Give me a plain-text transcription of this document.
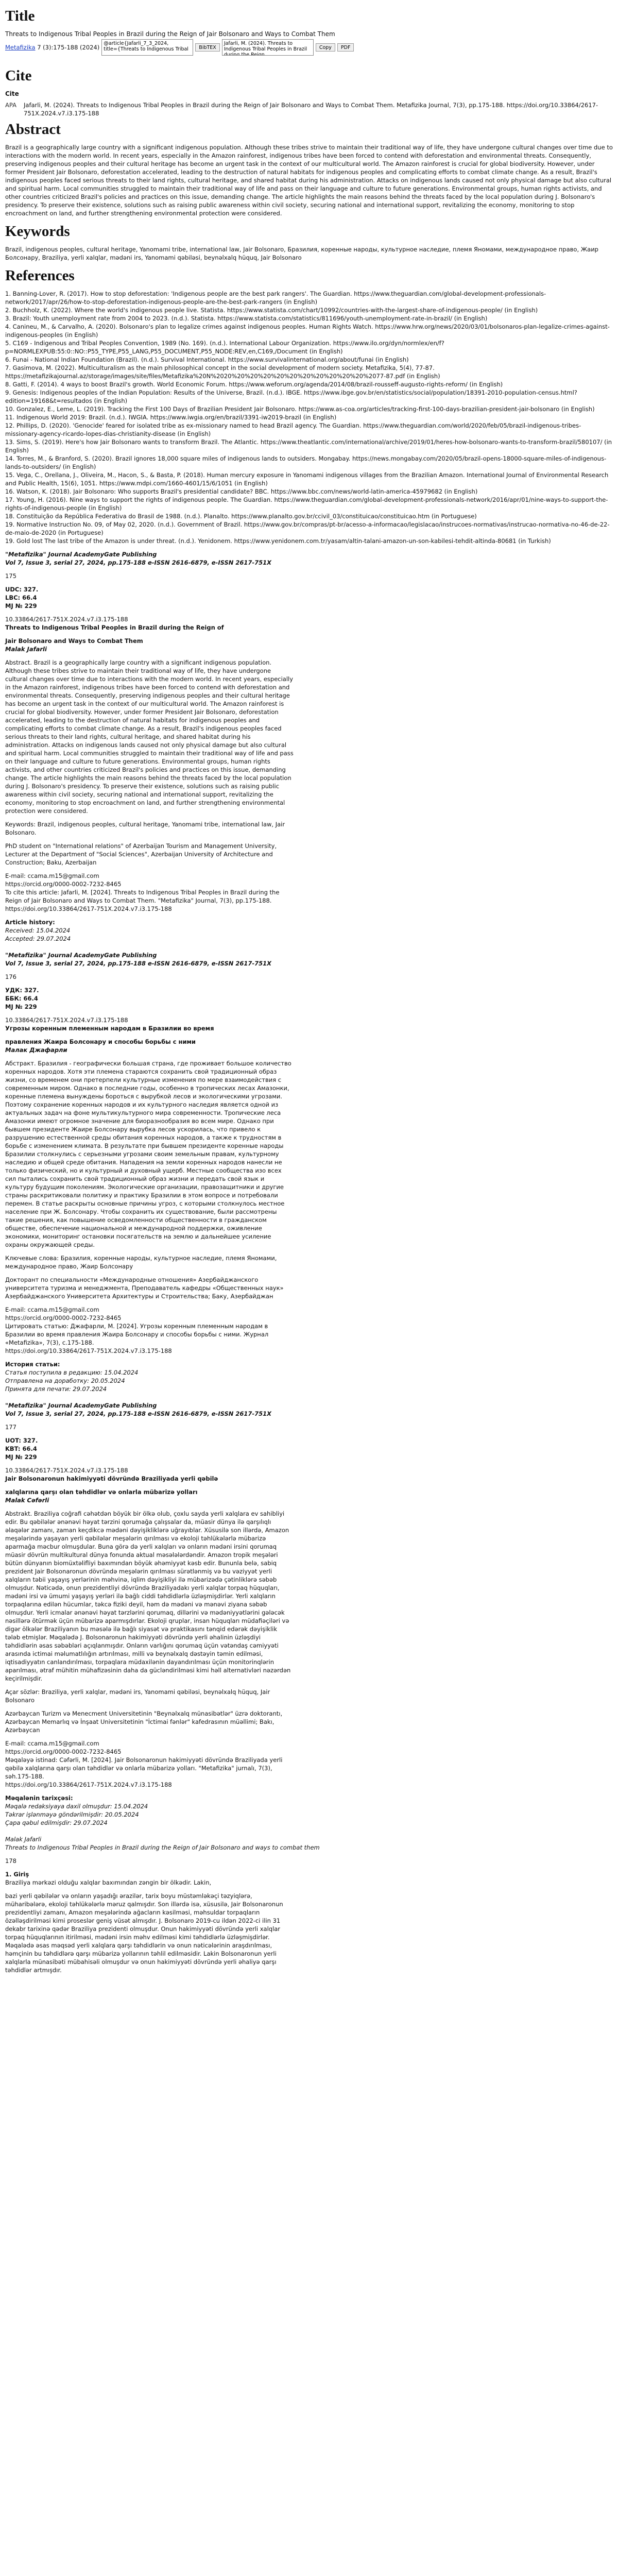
Title
Threats to Indigenous Tribal Peoples in Brazil during the Reign of Jair Bolsonaro and Ways to Combat Them
Metafizika 7 (3):175-188 (2024)
@article{Jafarli_7_3_2024, title={Threats to Indigenous Tribal	BibTEX
Jafarli, M. (2024). Threats to Indigenous Tribal Peoples in Brazil during the Reign...	Copy	PDF
Cite
Cite
APA	Jafarli, M. (2024). Threats to Indigenous Tribal Peoples in Brazil during the Reign of Jair Bolsonaro and Ways to Combat Them. Metafizika Journal, 7(3), pp.175-188. https://doi.org/10.33864/2617-751X.2024.v7.i3.175-188
Abstract

Brazil is a geographically large country with a significant indigenous population. Although these tribes strive to maintain their traditional way of life, they have undergone cultural changes over time due to interactions with the modern world. In recent years, especially in the Amazon rainforest, indigenous tribes have been forced to contend with deforestation and environmental threats. Consequently, preserving indigenous peoples and their cultural heritage has become an urgent task in the context of our multicultural world. The Amazon rainforest is crucial for global biodiversity. However, under former President Jair Bolsonaro, deforestation accelerated, leading to the destruction of natural habitats for indigenous peoples and complicating efforts to combat climate change. As a result, Brazil's indigenous peoples faced serious threats to their land rights, cultural heritage, and shared habitat during his administration. Attacks on indigenous lands caused not only physical damage but also cultural and spiritual harm. Local communities struggled to maintain their traditional way of life and pass on their language and culture to future generations. Environmental groups, human rights activists, and other countries criticized Brazil's policies and practices on this issue, demanding change. The article highlights the main reasons behind the threats faced by the local population during J. Bolsonaro's presidency. To preserve their existence, solutions such as raising public awareness within civil society, securing national and international support, revitalizing the economy, monitoring to stop encroachment on land, and further strengthening environmental protection were considered.

Keywords

Brazil, indigenous peoples, cultural heritage, Yanomami tribe, international law, Jair Bolsonaro, Бразилия, коренные народы, культурное наследие, племя Яномами, международное право, Жаир Болсонару, Braziliya, yerli xalqlar, mədəni irs, Yanomami qəbiləsi, beynəlxalq hüquq, Jair Bolsonaro

References
1. Banning-Lover, R. (2017). How to stop deforestation: 'Indigenous people are the best park rangers'. The Guardian. https://www.theguardian.com/global-development-professionals-network/2017/apr/26/how-to-stop-deforestation-indigenous-people-are-the-best-park-rangers (in English)
2. Buchholz, K. (2022). Where the world's indigenous people live. Statista. https://www.statista.com/chart/10992/countries-with-the-largest-share-of-indigenous-people/ (in English)
3. Brazil: Youth unemployment rate from 2004 to 2023. (n.d.). Statista. https://www.statista.com/statistics/811696/youth-unemployment-rate-in-brazil/ (in English)
4. Canineu, M., & Carvalho, A. (2020). Bolsonaro's plan to legalize crimes against indigenous peoples. Human Rights Watch. https://www.hrw.org/news/2020/03/01/bolsonaros-plan-legalize-crimes-against-indigenous-peoples (in English)
5. C169 - Indigenous and Tribal Peoples Convention, 1989 (No. 169). (n.d.). International Labour Organization. https://www.ilo.org/dyn/normlex/en/f?p=NORMLEXPUB:55:0::NO::P55_TYPE,P55_LANG,P55_DOCUMENT,P55_NODE:REV,en,C169,/Document (in English)
6. Funai - National Indian Foundation (Brazil). (n.d.). Survival International. https://www.survivalinternational.org/about/funai (in English)
7. Gasimova, M. (2022). Multiculturalism as the main philosophical concept in the social development of modern society. Metafizika, 5(4), 77-87. https://metafizikajournal.az/storage/images/site/files/Metafizika%20N%2020%20%20%20%20%20%20%20%20%20%20%2077-87.pdf (in English)
8. Gatti, F. (2014). 4 ways to boost Brazil's growth. World Economic Forum. https://www.weforum.org/agenda/2014/08/brazil-rousseff-augusto-rights-reform/ (in English)
9. Genesis: Indigenous peoples of the Indian Population: Results of the Universe, Brazil. (n.d.). IBGE. https://www.ibge.gov.br/en/statistics/social/population/18391-2010-population-census.html?edition=19168&t=resultados (in English)
10. Gonzalez, E., Leme, L. (2019). Tracking the First 100 Days of Brazilian President Jair Bolsonaro. https://www.as-coa.org/articles/tracking-first-100-days-brazilian-president-jair-bolsonaro (in English)
11. Indigenous World 2019: Brazil. (n.d.). IWGIA. https://www.iwgia.org/en/brazil/3391-iw2019-brazil (in English)
12. Phillips, D. (2020). 'Genocide' feared for isolated tribe as ex-missionary named to head Brazil agency. The Guardian. https://www.theguardian.com/world/2020/feb/05/brazil-indigenous-tribes-missionary-agency-ricardo-lopes-dias-christianity-disease (in English)
13. Sims, S. (2019). Here's how Jair Bolsonaro wants to transform Brazil. The Atlantic. https://www.theatlantic.com/international/archive/2019/01/heres-how-bolsonaro-wants-to-transform-brazil/580107/ (in English)
14. Torres, M., & Branford, S. (2020). Brazil ignores 18,000 square miles of indigenous lands to outsiders. Mongabay. https://news.mongabay.com/2020/05/brazil-opens-18000-square-miles-of-indigenous-lands-to-outsiders/ (in English)
15. Vega, C., Orellana, J., Oliveira, M., Hacon, S., & Basta, P. (2018). Human mercury exposure in Yanomami indigenous villages from the Brazilian Amazon. International Journal of Environmental Research and Public Health, 15(6), 1051. https://www.mdpi.com/1660-4601/15/6/1051 (in English)
16. Watson, K. (2018). Jair Bolsonaro: Who supports Brazil's presidential candidate? BBC. https://www.bbc.com/news/world-latin-america-45979682 (in English)
17. Young, H. (2016). Nine ways to support the rights of indigenous people. The Guardian. https://www.theguardian.com/global-development-professionals-network/2016/apr/01/nine-ways-to-support-the-rights-of-indigenous-people (in English)
18. Constituição da República Federativa do Brasil de 1988. (n.d.). Planalto. https://www.planalto.gov.br/ccivil_03/constituicao/constituicao.htm (in Portuguese)
19. Normative Instruction No. 09, of May 02, 2020. (n.d.). Government of Brazil. https://www.gov.br/compras/pt-br/acesso-a-informacao/legislacao/instrucoes-normativas/instrucao-normativa-no-46-de-22-de-maio-de-2020 (in Portuguese)
19. Gold lost The last tribe of the Amazon is under threat. (n.d.). Yenidonem. https://www.yenidonem.com.tr/yasam/altin-talani-amazon-un-son-kabilesi-tehdit-altinda-80681 (in Turkish)
"Metafizika" Journal AcademyGate Publishing
Vol 7, Issue 3, serial 27, 2024, pp.175-188 e-ISSN 2616-6879, e-ISSN 2617-751X

175

UDC: 327.
LBC: 66.4
MJ № 229
10.33864/2617-751X.2024.v7.i3.175-188
Threats to Indigenous Tribal Peoples in Brazil during the Reign of
Jair Bolsonaro and Ways to Combat Them
Malak Jafarli

Abstract. Brazil is a geographically large country with a significant indigenous population. Although these tribes strive to maintain their traditional way of life, they have undergone cultural changes over time due to interactions with the modern world. In recent years, especially in the Amazon rainforest, indigenous tribes have been forced to contend with deforestation and environmental threats. Consequently, preserving indigenous peoples and their cultural heritage has become an urgent task in the context of our multicultural world. The Amazon rainforest is crucial for global biodiversity. However, under former President Jair Bolsonaro, deforestation accelerated, leading to the destruction of natural habitats for indigenous peoples and complicating efforts to combat climate change. As a result, Brazil's indigenous peoples faced serious threats to their land rights, cultural heritage, and shared habitat during his administration. Attacks on indigenous lands caused not only physical damage but also cultural and spiritual harm. Local communities struggled to maintain their traditional way of life and pass on their language and culture to future generations. Environmental groups, human rights activists, and other countries criticized Brazil's policies and practices on this issue, demanding change. The article highlights the main reasons behind the threats faced by the local population during J. Bolsonaro's presidency. To preserve their existence, solutions such as raising public awareness within civil society, securing national and international support, revitalizing the economy, monitoring to stop encroachment on land, and further strengthening environmental protection were considered.

Keywords: Brazil, indigenous peoples, cultural heritage, Yanomami tribe, international law, Jair Bolsonaro.

PhD student on "International relations" of Azerbaijan Tourism and Management University, Lecturer at the Department of "Social Sciences", Azerbaijan University of Architecture and Construction; Baku, Azerbaijan

E-mail: ccama.m15@gmail.com
https://orcid.org/0000-0002-7232-8465
To cite this article: Jafarli, M. [2024]. Threats to Indigenous Tribal Peoples in Brazil during the Reign of Jair Bolsonaro and Ways to Combat Them. "Metafizika" Journal, 7(3), pp.175-188.
https://doi.org/10.33864/2617-751X.2024.v7.i3.175-188
Article history:
Received: 15.04.2024
Accepted: 29.07.2024
"Metafizika" Journal AcademyGate Publishing
Vol 7, Issue 3, serial 27, 2024, pp.175-188 e-ISSN 2616-6879, e-ISSN 2617-751X

176

УДК: 327.
ББК: 66.4
MJ № 229
10.33864/2617-751X.2024.v7.i3.175-188
Угрозы коренным племенным народам в Бразилии во время
правления Жаира Болсонару и способы борьбы с ними
Малак Джафарли

Абстракт. Бразилия - географически большая страна, где проживает большое количество коренных народов. Хотя эти племена стараются сохранить свой традиционный образ жизни, со временем они претерпели культурные изменения по мере взаимодействия с современным миром. Однако в последние годы, особенно в тропических лесах Амазонки, коренные племена вынуждены бороться с вырубкой лесов и экологическими угрозами. Поэтому сохранение коренных народов и их культурного наследия является одной из актуальных задач на фоне мультикультурного мира современности. Тропические леса Амазонки имеют огромное значение для биоразнообразия во всем мире. Однако при бывшем президенте Жаире Болсонару вырубка лесов ускорилась, что привело к разрушению естественной среды обитания коренных народов, а также к трудностям в борьбе с изменением климата. В результате при бывшем президенте коренные народы Бразилии столкнулись с серьезными угрозами своим земельным правам, культурному наследию и общей среде обитания. Нападения на земли коренных народов нанесли не только физический, но и культурный и духовный ущерб. Местные сообщества изо всех сил пытались сохранить свой традиционный образ жизни и передать свой язык и культуру будущим поколениям. Экологические организации, правозащитники и другие страны раскритиковали политику и практику Бразилии в этом вопросе и потребовали перемен. В статье раскрыты основные причины угроз, с которыми столкнулось местное население при Ж. Болсонару. Чтобы сохранить их существование, были рассмотрены такие решения, как повышение осведомленности общественности в гражданском обществе, обеспечение национальной и международной поддержки, оживление экономики, мониторинг остановки посягательств на землю и дальнейшее усиление охраны окружающей среды.

Ключевые слова: Бразилия, коренные народы, культурное наследие, племя Яномами, международное право, Жаир Болсонару

Докторант по специальности «Международные отношения» Азербайджанского университета туризма и менеджмента, Преподаватель кафедры «Общественных наук» Азербайджанского Университета Архитектуры и Строительства; Баку, Азербайджан

E-mail: ccama.m15@gmail.com
https://orcid.org/0000-0002-7232-8465
Цитировать статью: Джафарли, М. [2024]. Угрозы коренным племенным народам в Бразилии во время правления Жаира Болсонару и способы борьбы с ними. Журнал «Metafizika», 7(3), с.175-188.
https://doi.org/10.33864/2617-751X.2024.v7.i3.175-188
История статьи:
Статья поступила в редакцию: 15.04.2024
Отправлена на доработку: 20.05.2024
Принята для печати: 29.07.2024
"Metafizika" Journal AcademyGate Publishing
Vol 7, Issue 3, serial 27, 2024, pp.175-188 e-ISSN 2616-6879, e-ISSN 2617-751X

177

UOT: 327.
KBT: 66.4
MJ № 229
10.33864/2617-751X.2024.v7.i3.175-188
Jair Bolsonaronun hakimiyyəti dövründə Braziliyada yerli qəbilə
xalqlarına qarşı olan təhdidlər və onlarla mübarizə yolları
Malak Cəfərli

Abstrakt. Braziliya coğrafi cəhətdən böyük bir ölkə olub, çoxlu sayda yerli xalqlara ev sahibliyi edir. Bu qəbilələr ənənəvi həyat tərzini qorumağa çalışsalar da, müasir dünya ilə qarşılıqlı əlaqələr zamanı, zaman keçdikcə mədəni dəyişikliklərə uğrayıblar. Xüsusilə son illərdə, Amazon meşələrində yaşayan yerli qəbilələr meşələrin qırılması və ekoloji təhlükələrlə mübarizə aparmağa məcbur olmuşdular. Buna görə də yerli xalqları və onların mədəni irsini qorumaq müasir dövrün multikultural dünya fonunda aktual məsələlərdəndir. Amazon tropik meşələri bütün dünyanın biomüxtəlifliyi baxımından böyük əhəmiyyət kəsb edir. Bununla belə, sabiq prezident Jair Bolsonaronun dövründə meşələrin qırılması sürətlənmiş və bu vəziyyət yerli xalqların təbii yaşayış yerlərinin məhvinə, iqlim dəyişikliyi ilə mübarizədə çətinliklərə səbəb olmuşdur. Nəticədə, onun prezidentliyi dövründə Braziliyadakı yerli xalqlar torpaq hüquqları, mədəni irsi və ümumi yaşayış yerləri ilə bağlı ciddi təhdidlərlə üzləşmişdirlər. Yerli xalqların torpaqlarına edilən hücumlar, təkcə fiziki deyil, həm də mədəni və mənəvi ziyana səbəb olmuşdur. Yerli icmalar ənənəvi həyat tərzlərini qorumaq, dillərini və mədəniyyətlərini gələcək nəsillərə ötürmək üçün mübarizə aparmışdırlar. Ekoloji qruplar, insan hüquqları müdafiəçiləri və digər ölkələr Braziliyanın bu məsələ ilə bağlı siyasət və praktikasını tənqid edərək dəyişiklik tələb etmişlər. Məqalədə J. Bolsonaronun hakimiyyəti dövründə yerli əhalinin üzləşdiyi təhdidlərin əsas səbəbləri açıqlanmışdır. Onların varlığını qorumaq üçün vətəndaş cəmiyyəti arasında ictimai məlumatlılığın artırılması, milli və beynəlxalq dəstəyin təmin edilməsi, iqtisadiyyatın canlandırılması, torpaqlara müdaxilənin dayandırılması üçün monitorinqlərin aparılması, ətraf mühitin mühafizəsinin daha da gücləndirilməsi kimi həll alternativləri nəzərdən keçirilmişdir.

Açar sözlər: Braziliya, yerli xalqlar, mədəni irs, Yanomami qəbiləsi, beynəlxalq hüquq, Jair Bolsonaro

Azərbaycan Turizm və Menecment Universitetinin "Beynəlxalq münasibətlər" üzrə doktorantı, Azərbaycan Memarlıq və İnşaat Universitetinin "İctimai fənlər" kafedrasının müəllimi; Bakı, Azərbaycan

E-mail: ccama.m15@gmail.com
https://orcid.org/0000-0002-7232-8465
Məqaləyə istinad: Cəfərli, M. [2024]. Jair Bolsonaronun hakimiyyəti dövründə Braziliyada yerli qəbilə xalqlarına qarşı olan təhdidlər və onlarla mübarizə yolları. "Metafizika" jurnalı, 7(3), səh.175-188.
https://doi.org/10.33864/2617-751X.2024.v7.i3.175-188
Məqalənin tarixçəsi:
Məqalə redaksiyaya daxil olmuşdur: 15.04.2024
Təkrar işlənməyə göndərilmişdir: 20.05.2024
Çapa qəbul edilmişdir: 29.07.2024
Malak Jafarli
Threats to Indigenous Tribal Peoples in Brazil during the Reign of Jair Bolsonaro and ways to combat them

178

1. Giriş
Braziliya mərkəzi olduğu xalqlar baxımından zəngin bir ölkədir. Lakin,

bazi yerli qəbilələr və onların yaşadığı ərazilər, tarix boyu müstəmləkəçi təzyiqlərə, müharibələrə, ekoloji təhlükələrlə məruz qalmışdır. Son illərdə isə, xüsusilə, Jair Bolsonaronun prezidentliyi zamanı, Amazon meşələrində ağacların kəsilməsi, məhsuldar torpaqların özəlləşdirilməsi kimi proseslər geniş vüsət almışdır. J. Bolsonaro 2019-cu ildən 2022-ci ilin 31 dekabr tarixinə qədər Braziliya prezidenti olmuşdur. Onun hakimiyyəti dövründə yerli xalqlar torpaq hüquqlarının itirilməsi, mədəni irsin məhv edilməsi kimi təhdidlərlə üzləşmişdirlər. Məqalədə əsas məqsəd yerli xalqlara qarşı təhdidlərin və onun nəticələrinin araşdırılması, həmçinin bu təhdidlərə qarşı mübarizə yollarının təhlil edilməsidir. Lakin Bolsonaronun yerli xalqlarla münasibəti mübahisəli olmuşdur və onun hakimiyyəti dövründə yerli əhaliyə qarşı təhdidlər artmışdır.
